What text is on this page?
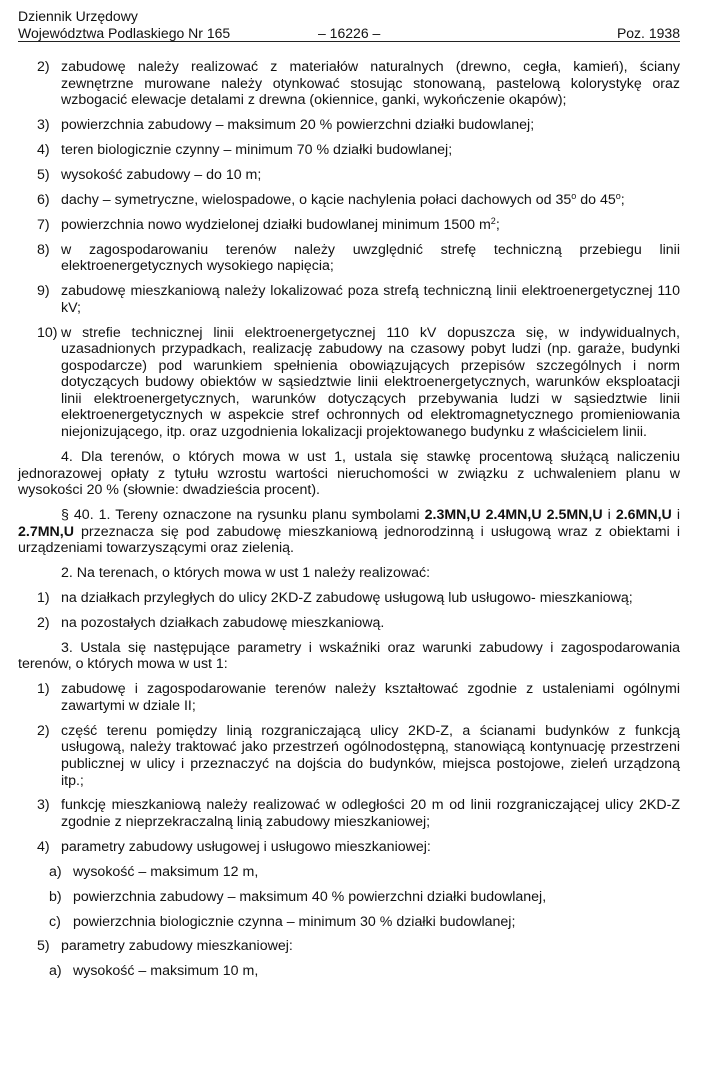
Dziennik Urzędowy
Województwa Podlaskiego Nr 165	– 16226 –	Poz. 1938
2) zabudowę należy realizować z materiałów naturalnych (drewno, cegła, kamień), ściany zewnętrzne murowane należy otynkować stosując stonowaną, pastelową kolorystykę oraz wzbogacić elewacje detalami z drewna (okiennice, ganki, wykończenie okapów);
3) powierzchnia zabudowy – maksimum 20 % powierzchni działki budowlanej;
4) teren biologicznie czynny – minimum 70 % działki budowlanej;
5) wysokość zabudowy – do 10 m;
6) dachy – symetryczne, wielospadowe, o kącie nachylenia połaci dachowych od 35$^o$ do 45$^o$;
7) powierzchnia nowo wydzielonej działki budowlanej minimum 1500 $m^2$;
8) w zagospodarowaniu terenów należy uwzględnić strefę techniczną przebiegu linii elektroenergetycznych wysokiego napięcia;
9) zabudowę mieszkaniową należy lokalizować poza strefą techniczną linii elektroenergetycznej 110 kV;
10) w strefie technicznej linii elektroenergetycznej 110 kV dopuszcza się, w indywidualnych, uzasadnionych przypadkach, realizację zabudowy na czasowy pobyt ludzi (np. garaże, budynki gospodarcze) pod warunkiem spełnienia obowiązujących przepisów szczególnych i norm dotyczących budowy obiektów w sąsiedztwie linii elektroenergetycznych, warunków eksploatacji linii elektroenergetycznych, warunków dotyczących przebywania ludzi w sąsiedztwie linii elektroenergetycznych w aspekcie stref ochronnych od elektromagnetycznego promieniowania niejonizującego, itp. oraz uzgodnienia lokalizacji projektowanego budynku z właścicielem linii.
4. Dla terenów, o których mowa w ust 1, ustala się stawkę procentową służącą naliczeniu jednorazowej opłaty z tytułu wzrostu wartości nieruchomości w związku z uchwaleniem planu w wysokości 20 % (słownie: dwadzieścia procent).
§ 40. 1. Tereny oznaczone na rysunku planu symbolami 2.3MN,U 2.4MN,U 2.5MN,U i 2.6MN,U i 2.7MN,U przeznacza się pod zabudowę mieszkaniową jednorodzinną i usługową wraz z obiektami i urządzeniami towarzyszącymi oraz zielenią.
2. Na terenach, o których mowa w ust 1 należy realizować:
1) na działkach przyległych do ulicy 2KD-Z zabudowę usługową lub usługowo- mieszkaniową;
2) na pozostałych działkach zabudowę mieszkaniową.
3. Ustala się następujące parametry i wskaźniki oraz warunki zabudowy i zagospodarowania terenów, o których mowa w ust 1:
1) zabudowę i zagospodarowanie terenów należy kształtować zgodnie z ustaleniami ogólnymi zawartymi w dziale II;
2) część terenu pomiędzy linią rozgraniczającą ulicy 2KD-Z, a ścianami budynków z funkcją usługową, należy traktować jako przestrzeń ogólnodostępną, stanowiącą kontynuację przestrzeni publicznej w ulicy i przeznaczyć na dojścia do budynków, miejsca postojowe, zieleń urządzoną itp.;
3) funkcję mieszkaniową należy realizować w odległości 20 m od linii rozgraniczającej ulicy 2KD-Z zgodnie z nieprzekraczalną linią zabudowy mieszkaniowej;
4) parametry zabudowy usługowej i usługowo mieszkaniowej:
a) wysokość – maksimum 12 m,
b) powierzchnia zabudowy – maksimum 40 % powierzchni działki budowlanej,
c) powierzchnia biologicznie czynna – minimum 30 % działki budowlanej;
5) parametry zabudowy mieszkaniowej:
a) wysokość – maksimum 10 m,
